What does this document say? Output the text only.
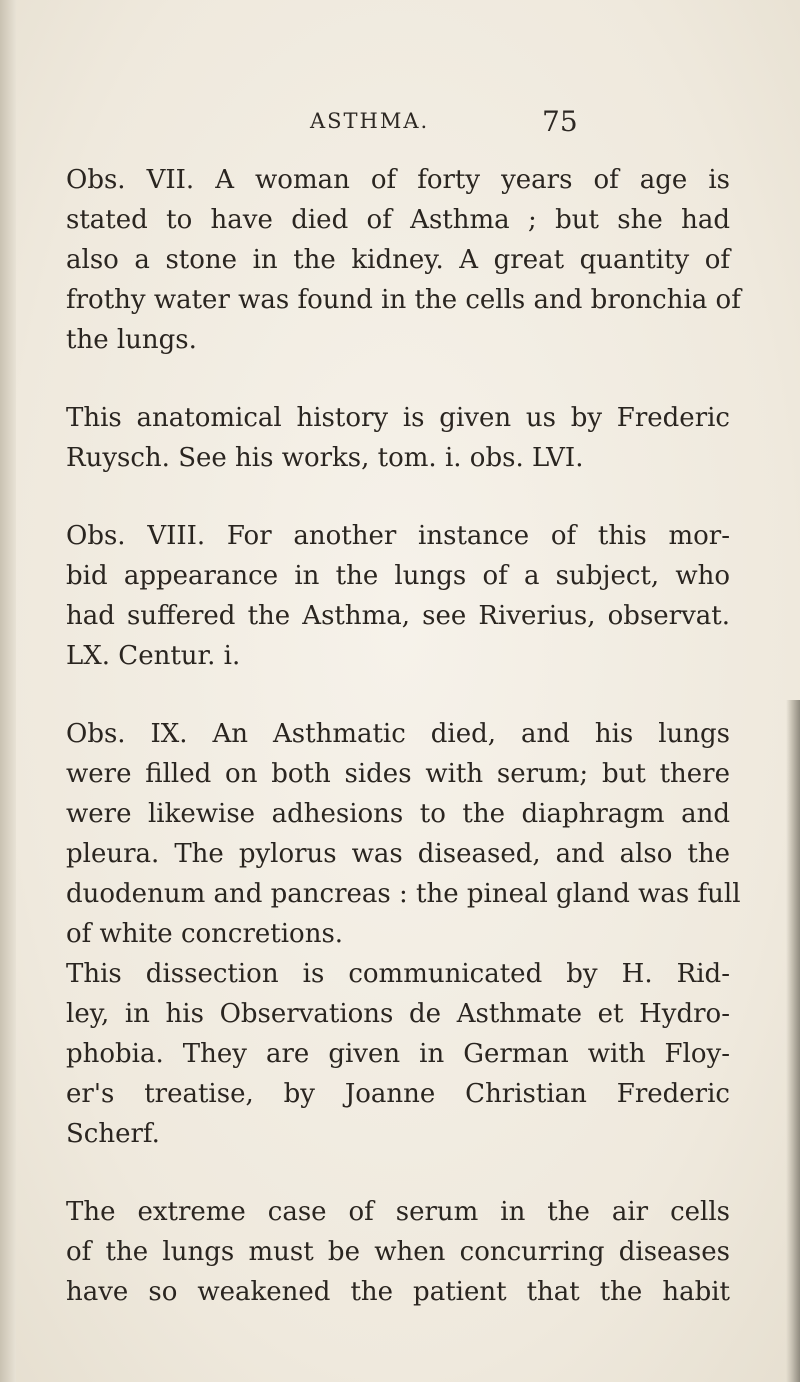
ASTHMA.	75

Obs. VII. A woman of forty years of age is

stated to have died of Asthma ; but she had

also a stone in the kidney. A great quantity of

frothy water was found in the cells and bronchia of

the lungs.

This anatomical history is given us by Frederic

Ruysch. See his works, tom. i. obs. LVI.

Obs. VIII. For another instance of this mor-

bid appearance in the lungs of a subject, who

had suffered the Asthma, see Riverius, observat.

LX. Centur. i.

Obs. IX. An Asthmatic died, and his lungs

were filled on both sides with serum; but there

were likewise adhesions to the diaphragm and

pleura. The pylorus was diseased, and also the

duodenum and pancreas : the pineal gland was full

of white concretions.

This dissection is communicated by H. Rid-

ley, in his Observations de Asthmate et Hydro-

phobia. They are given in German with Floy-

er's treatise, by Joanne Christian Frederic

Scherf.

The extreme case of serum in the air cells

of the lungs must be when concurring diseases

have so weakened the patient that the habit
